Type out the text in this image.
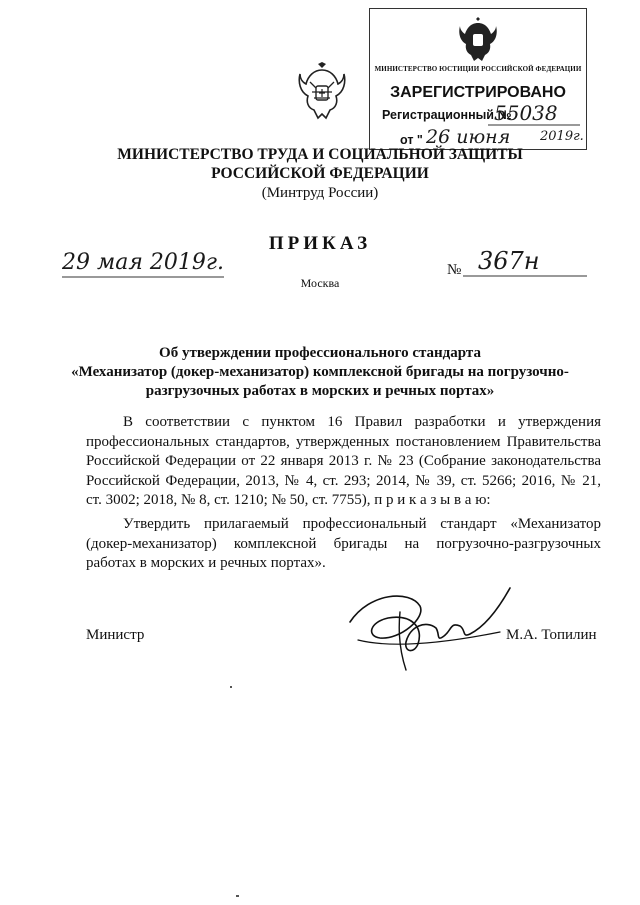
МИНИСТЕРСТВО ЮСТИЦИИ РОССИЙСКОЙ ФЕДЕРАЦИИ
ЗАРЕГИСТРИРОВАНО
Регистрационный №
55038
от " 26 июня 2019г.
МИНИСТЕРСТВО ТРУДА И СОЦИАЛЬНОЙ ЗАЩИТЫ
РОССИЙСКОЙ ФЕДЕРАЦИИ
(Минтруд России)
ПРИКАЗ
29 мая 2019г.	№ 367н
Москва
Об утверждении профессионального стандарта
«Механизатор (докер-механизатор) комплексной бригады на погрузочно-
разгрузочных работах в морских и речных портах»
В соответствии с пунктом 16 Правил разработки и утверждения
профессиональных стандартов, утвержденных постановлением Правительства
Российской Федерации от 22 января 2013 г. № 23 (Собрание законодательства
Российской Федерации, 2013, № 4, ст. 293; 2014, № 39, ст. 5266; 2016, № 21,
ст. 3002; 2018, № 8, ст. 1210; № 50, ст. 7755), п р и к а з ы в а ю:
Утвердить прилагаемый профессиональный стандарт «Механизатор
(докер-механизатор) комплексной бригады на погрузочно-разгрузочных
работах в морских и речных портах».
Министр	М.А. Топилин
